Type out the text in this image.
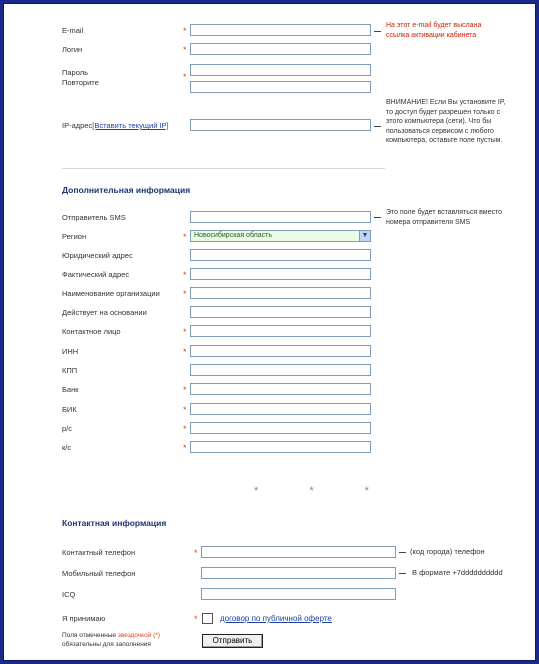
E-mail	*
На этот e-mail будет выслана ссылка активации кабинета
Логин	*
Пароль
Повторите
*
IP-адрес[Вставить текущий IP]
ВНИМАНИЕ! Если Вы установите IP, то доступ будет разрешен только с этого компьютера (сети). Что бы пользоваться сервисом с любого компьютера, оставьте поле пустым.
Дополнительная информация
Отправитель SMS
Это поле будет вставляться вместо номера отправителя SMS
Регион	*	Новосибирская область	▼
Юридический адрес
Фактический адрес	*
Наименование организации	*
Действует на основании
Контактное лицо	*
ИНН	*
КПП
Банк	*
БИК	*
р/с	*
к/с	*
* * *
Контактная информация
Контактный телефон	*	(код города) телефон
Мобильный телефон	В формате +7dddddddddd
ICQ
Я принимаю	*	договор по публичной оферте
Поля отмеченные звездочкой (*)
обязательны для заполнения	Отправить
